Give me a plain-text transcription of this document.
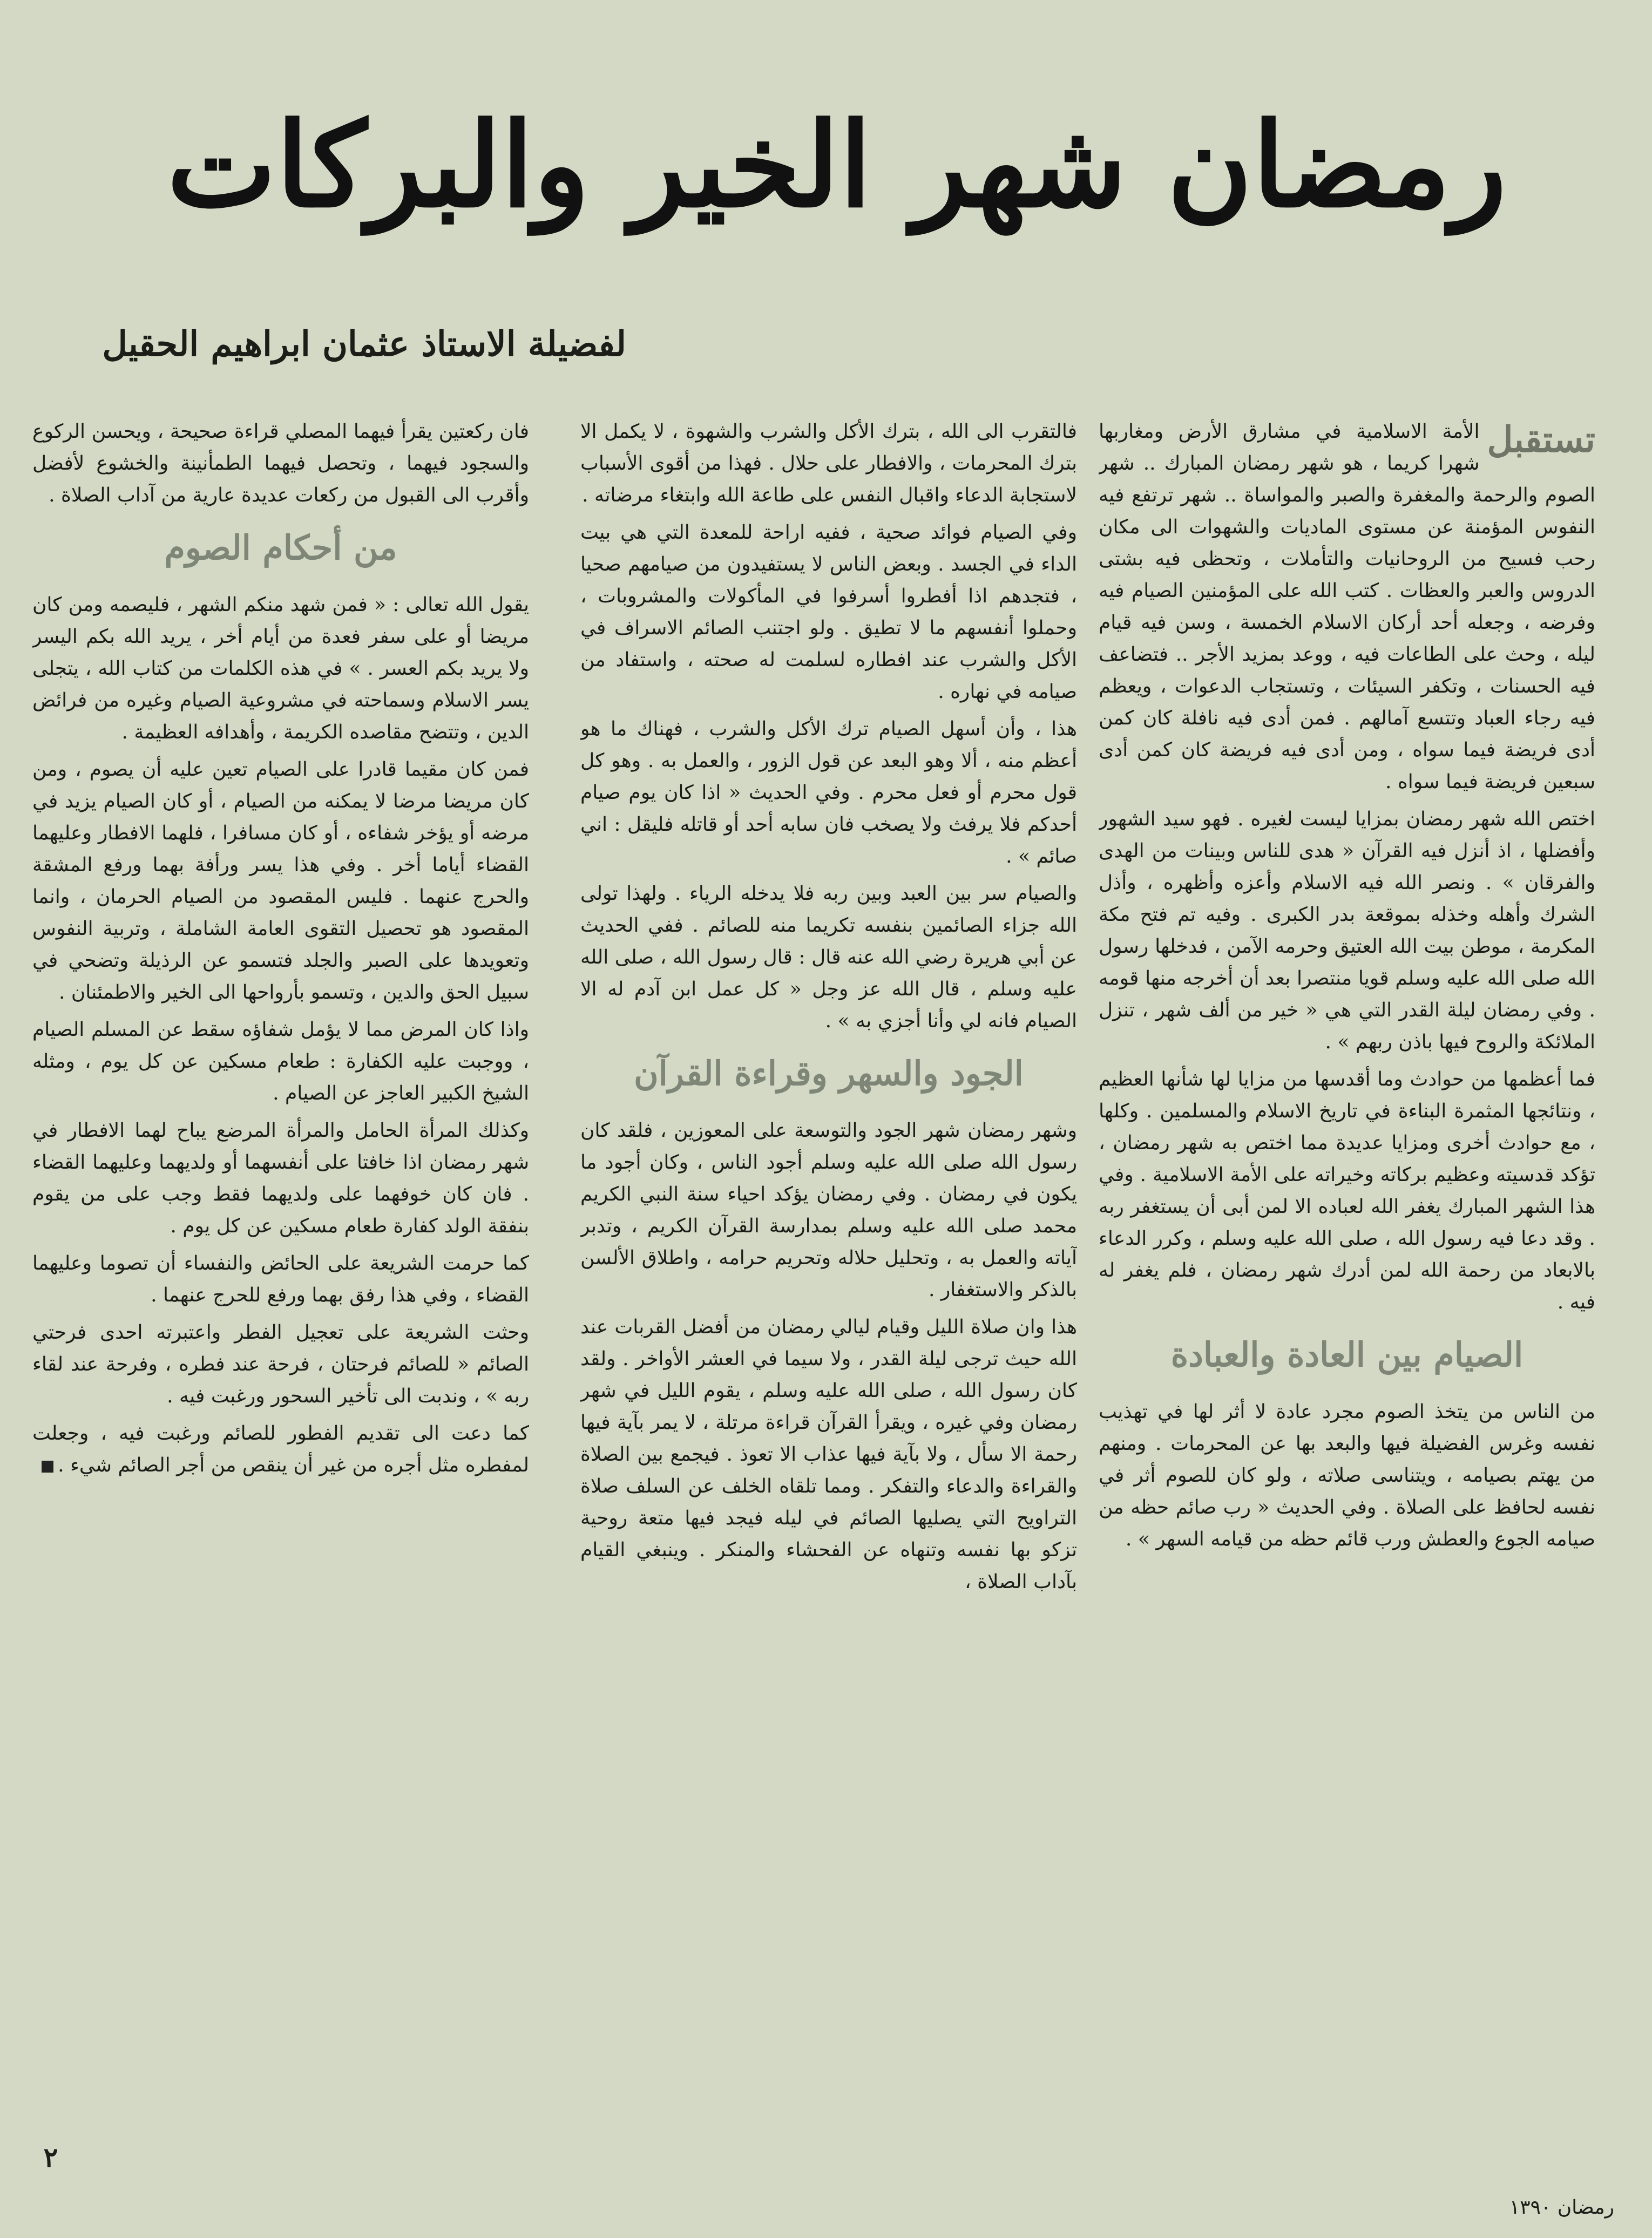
رمضان شهر الخير والبركات
لفضيلة الاستاذ عثمان ابراهيم الحقيل

تستقبل
الأمة الاسلامية في مشارق الأرض ومغاربها شهرا كريما ، هو شهر رمضان المبارك .. شهر الصوم والرحمة والمغفرة والصبر والمواساة .. شهر ترتفع فيه النفوس المؤمنة عن مستوى الماديات والشهوات الى مكان رحب فسيح من الروحانيات والتأملات ، وتحظى فيه بشتى الدروس والعبر والعظات . كتب الله على المؤمنين الصيام فيه وفرضه ، وجعله أحد أركان الاسلام الخمسة ، وسن فيه قيام ليله ، وحث على الطاعات فيه ، ووعد بمزيد الأجر .. فتضاعف فيه الحسنات ، وتكفر السيئات ، وتستجاب الدعوات ، ويعظم فيه رجاء العباد وتتسع آمالهم . فمن أدى فيه نافلة كان كمن أدى فريضة فيما سواه ، ومن أدى فيه فريضة كان كمن أدى سبعين فريضة فيما سواه .

اختص الله شهر رمضان بمزايا ليست لغيره . فهو سيد الشهور وأفضلها ، اذ أنزل فيه القرآن « هدى للناس وبينات من الهدى والفرقان » . ونصر الله فيه الاسلام وأعزه وأظهره ، وأذل الشرك وأهله وخذله بموقعة بدر الكبرى . وفيه تم فتح مكة المكرمة ، موطن بيت الله العتيق وحرمه الآمن ، فدخلها رسول الله صلى الله عليه وسلم قويا منتصرا بعد أن أخرجه منها قومه . وفي رمضان ليلة القدر التي هي « خير من ألف شهر ، تنزل الملائكة والروح فيها باذن ربهم » .

فما أعظمها من حوادث وما أقدسها من مزايا لها شأنها العظيم ، ونتائجها المثمرة البناءة في تاريخ الاسلام والمسلمين . وكلها ، مع حوادث أخرى ومزايا عديدة مما اختص به شهر رمضان ، تؤكد قدسيته وعظيم بركاته وخيراته على الأمة الاسلامية . وفي هذا الشهر المبارك يغفر الله لعباده الا لمن أبى أن يستغفر ربه . وقد دعا فيه رسول الله ، صلى الله عليه وسلم ، وكرر الدعاء بالابعاد من رحمة الله لمن أدرك شهر رمضان ، فلم يغفر له فيه .

الصيام بين العادة والعبادة

من الناس من يتخذ الصوم مجرد عادة لا أثر لها في تهذيب نفسه وغرس الفضيلة فيها والبعد بها عن المحرمات . ومنهم من يهتم بصيامه ، ويتناسى صلاته ، ولو كان للصوم أثر في نفسه لحافظ على الصلاة . وفي الحديث « رب صائم حظه من صيامه الجوع والعطش ورب قائم حظه من قيامه السهر » .

فالتقرب الى الله ، بترك الأكل والشرب والشهوة ، لا يكمل الا بترك المحرمات ، والافطار على حلال . فهذا من أقوى الأسباب لاستجابة الدعاء واقبال النفس على طاعة الله وابتغاء مرضاته .

وفي الصيام فوائد صحية ، ففيه اراحة للمعدة التي هي بيت الداء في الجسد . وبعض الناس لا يستفيدون من صيامهم صحيا ، فتجدهم اذا أفطروا أسرفوا في المأكولات والمشروبات ، وحملوا أنفسهم ما لا تطيق . ولو اجتنب الصائم الاسراف في الأكل والشرب عند افطاره لسلمت له صحته ، واستفاد من صيامه في نهاره .

هذا ، وأن أسهل الصيام ترك الأكل والشرب ، فهناك ما هو أعظم منه ، ألا وهو البعد عن قول الزور ، والعمل به . وهو كل قول محرم أو فعل محرم . وفي الحديث « اذا كان يوم صيام أحدكم فلا يرفث ولا يصخب فان سابه أحد أو قاتله فليقل : اني صائم » .

والصيام سر بين العبد وبين ربه فلا يدخله الرياء . ولهذا تولى الله جزاء الصائمين بنفسه تكريما منه للصائم . ففي الحديث عن أبي هريرة رضي الله عنه قال : قال رسول الله ، صلى الله عليه وسلم ، قال الله عز وجل « كل عمل ابن آدم له الا الصيام فانه لي وأنا أجزي به » .

الجود والسهر وقراءة القرآن

وشهر رمضان شهر الجود والتوسعة على المعوزين ، فلقد كان رسول الله صلى الله عليه وسلم أجود الناس ، وكان أجود ما يكون في رمضان . وفي رمضان يؤكد احياء سنة النبي الكريم محمد صلى الله عليه وسلم بمدارسة القرآن الكريم ، وتدبر آياته والعمل به ، وتحليل حلاله وتحريم حرامه ، واطلاق الألسن بالذكر والاستغفار .

هذا وان صلاة الليل وقيام ليالي رمضان من أفضل القربات عند الله حيث ترجى ليلة القدر ، ولا سيما في العشر الأواخر . ولقد كان رسول الله ، صلى الله عليه وسلم ، يقوم الليل في شهر رمضان وفي غيره ، ويقرأ القرآن قراءة مرتلة ، لا يمر بآية فيها رحمة الا سأل ، ولا بآية فيها عذاب الا تعوذ . فيجمع بين الصلاة والقراءة والدعاء والتفكر . ومما تلقاه الخلف عن السلف صلاة التراويح التي يصليها الصائم في ليله فيجد فيها متعة روحية تزكو بها نفسه وتنهاه عن الفحشاء والمنكر . وينبغي القيام بآداب الصلاة ،

فان ركعتين يقرأ فيهما المصلي قراءة صحيحة ، ويحسن الركوع والسجود فيهما ، وتحصل فيهما الطمأنينة والخشوع لأفضل وأقرب الى القبول من ركعات عديدة عارية من آداب الصلاة .

من أحكام الصوم

يقول الله تعالى : « فمن شهد منكم الشهر ، فليصمه ومن كان مريضا أو على سفر فعدة من أيام أخر ، يريد الله بكم اليسر ولا يريد بكم العسر . » في هذه الكلمات من كتاب الله ، يتجلى يسر الاسلام وسماحته في مشروعية الصيام وغيره من فرائض الدين ، وتتضح مقاصده الكريمة ، وأهدافه العظيمة .

فمن كان مقيما قادرا على الصيام تعين عليه أن يصوم ، ومن كان مريضا مرضا لا يمكنه من الصيام ، أو كان الصيام يزيد في مرضه أو يؤخر شفاءه ، أو كان مسافرا ، فلهما الافطار وعليهما القضاء أياما أخر . وفي هذا يسر ورأفة بهما ورفع المشقة والحرج عنهما . فليس المقصود من الصيام الحرمان ، وانما المقصود هو تحصيل التقوى العامة الشاملة ، وتربية النفوس وتعويدها على الصبر والجلد فتسمو عن الرذيلة وتضحي في سبيل الحق والدين ، وتسمو بأرواحها الى الخير والاطمئنان .

واذا كان المرض مما لا يؤمل شفاؤه سقط عن المسلم الصيام ، ووجبت عليه الكفارة : طعام مسكين عن كل يوم ، ومثله الشيخ الكبير العاجز عن الصيام .

وكذلك المرأة الحامل والمرأة المرضع يباح لهما الافطار في شهر رمضان اذا خافتا على أنفسهما أو ولديهما وعليهما القضاء . فان كان خوفهما على ولديهما فقط وجب على من يقوم بنفقة الولد كفارة طعام مسكين عن كل يوم .

كما حرمت الشريعة على الحائض والنفساء أن تصوما وعليهما القضاء ، وفي هذا رفق بهما ورفع للحرج عنهما .

وحثت الشريعة على تعجيل الفطر واعتبرته احدى فرحتي الصائم « للصائم فرحتان ، فرحة عند فطره ، وفرحة عند لقاء ربه » ، وندبت الى تأخير السحور ورغبت فيه .

كما دعت الى تقديم الفطور للصائم ورغبت فيه ، وجعلت لمفطره مثل أجره من غير أن ينقص من أجر الصائم شيء .

٢
رمضان ١٣٩٠
